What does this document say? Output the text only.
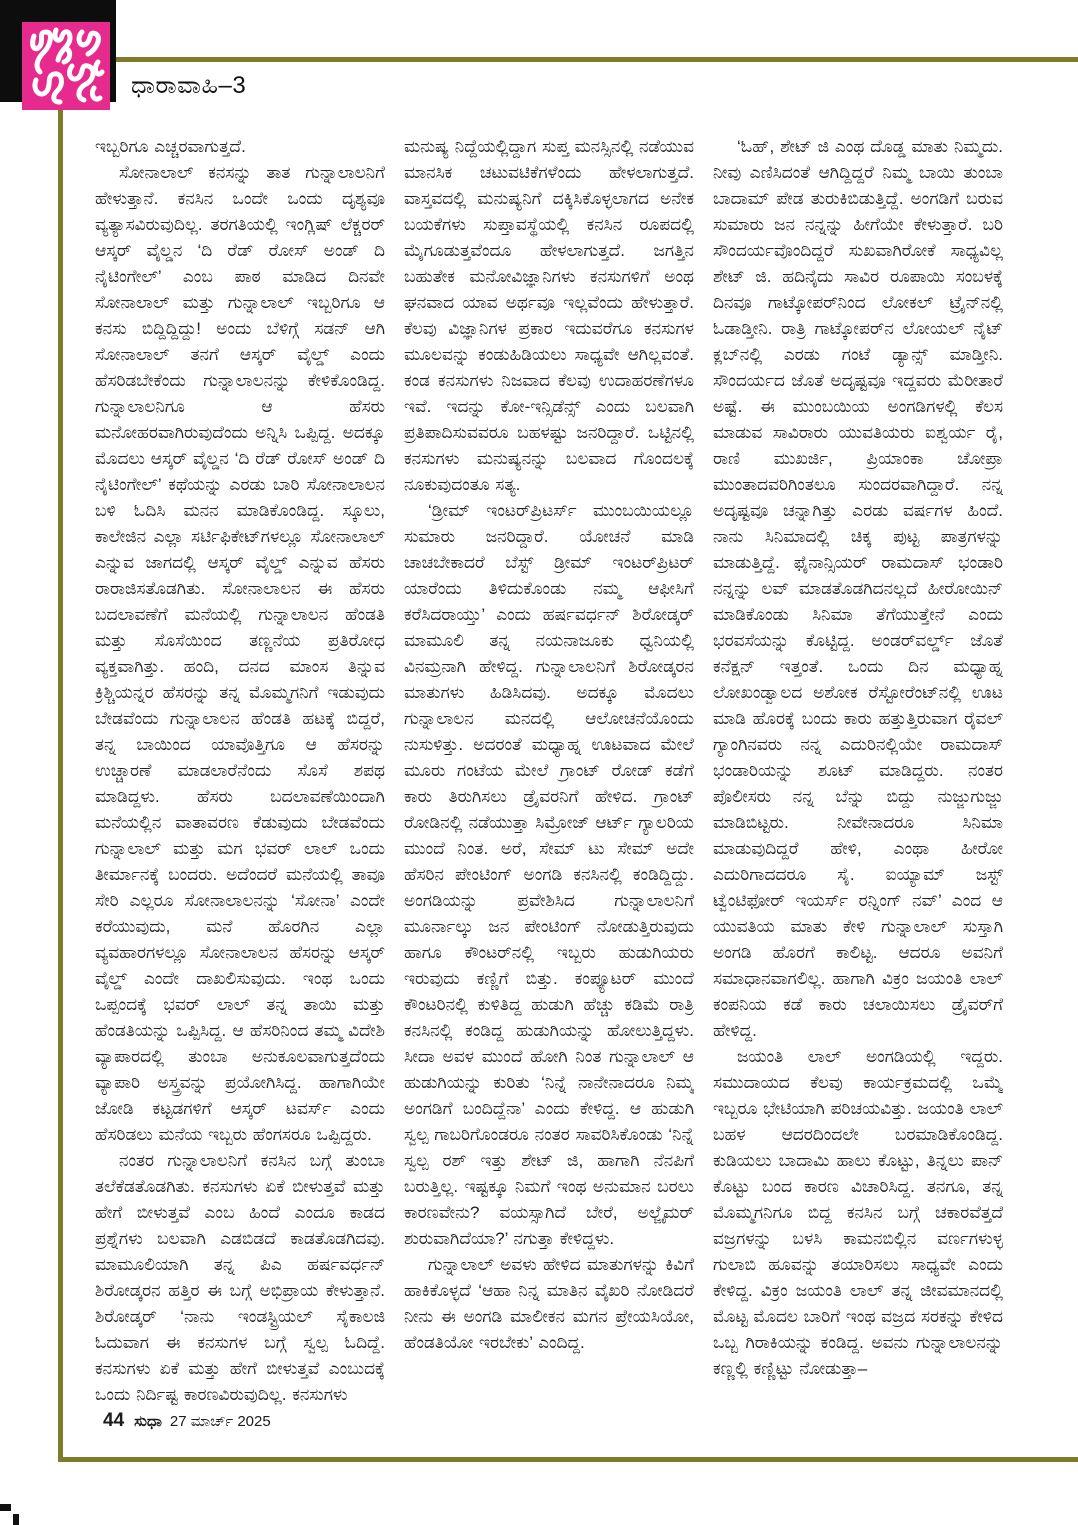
ಧಾರಾವಾಹಿ–3

ಇಬ್ಬರಿಗೂ ಎಚ್ಚರವಾಗುತ್ತದೆ.

ಸೋನಾಲಾಲ್ ಕನಸನ್ನು ತಾತ ಗುನ್ನಾಲಾಲನಿಗೆ ಹೇಳುತ್ತಾನೆ. ಕನಸಿನ ಒಂದೇ ಒಂದು ದೃಶ್ಯವೂ ವ್ಯತ್ಯಾಸವಿರುವುದಿಲ್ಲ. ತರಗತಿಯಲ್ಲಿ ಇಂಗ್ಲಿಷ್ ಲೆಕ್ಚರರ್ ಆಸ್ಕರ್ ವೈಲ್ಡನ ‘ದಿ ರೆಡ್ ರೋಸ್ ಅಂಡ್ ದಿ ನೈಟಿಂಗೇಲ್’ ಎಂಬ ಪಾಠ ಮಾಡಿದ ದಿನವೇ ಸೋನಾಲಾಲ್ ಮತ್ತು ಗುನ್ನಾಲಾಲ್ ಇಬ್ಬರಿಗೂ ಆ ಕನಸು ಬಿದ್ದಿದ್ದಿದ್ದು! ಅಂದು ಬೆಳಿಗ್ಗೆ ಸಡನ್ ಆಗಿ ಸೋನಾಲಾಲ್ ತನಗೆ ಆಸ್ಕರ್ ವೈಲ್ಡ್ ಎಂದು ಹೆಸರಿಡಬೇಕೆಂದು ಗುನ್ನಾಲಾಲನನ್ನು ಕೇಳಿಕೊಂಡಿದ್ದ. ಗುನ್ನಾಲಾಲನಿಗೂ ಆ ಹೆಸರು ಮನೋಹರವಾಗಿರುವುದೆಂದು ಅನ್ನಿಸಿ ಒಪ್ಪಿದ್ದ. ಅದಕ್ಕೂ ಮೊದಲು ಆಸ್ಕರ್ ವೈಲ್ಡನ ‘ದಿ ರೆಡ್ ರೋಸ್ ಅಂಡ್ ದಿ ನೈಟಿಂಗೇಲ್’ ಕಥೆಯನ್ನು ಎರಡು ಬಾರಿ ಸೋನಾಲಾಲನ ಬಳಿ ಓದಿಸಿ ಮನನ ಮಾಡಿಕೊಂಡಿದ್ದ. ಸ್ಕೂಲು, ಕಾಲೇಜಿನ ಎಲ್ಲಾ ಸರ್ಟಿಫಿಕೇಟ್‌ಗಳಲ್ಲೂ ಸೋನಾಲಾಲ್ ಎನ್ನುವ ಜಾಗದಲ್ಲಿ ಆಸ್ಕರ್ ವೈಲ್ಡ್ ಎನ್ನುವ ಹೆಸರು ರಾರಾಜಿಸತೊಡಗಿತು. ಸೋನಾಲಾಲನ ಈ ಹೆಸರು ಬದಲಾವಣೆಗೆ ಮನೆಯಲ್ಲಿ ಗುನ್ನಾಲಾಲನ ಹೆಂಡತಿ ಮತ್ತು ಸೊಸೆಯಿಂದ ತಣ್ಣನೆಯ ಪ್ರತಿರೋಧ ವ್ಯಕ್ತವಾಗಿತ್ತು. ಹಂದಿ, ದನದ ಮಾಂಸ ತಿನ್ನುವ ಕ್ರಿಶ್ಚಿಯನ್ನರ ಹೆಸರನ್ನು ತನ್ನ ಮೊಮ್ಮಗನಿಗೆ ಇಡುವುದು ಬೇಡವೆಂದು ಗುನ್ನಾಲಾಲನ ಹೆಂಡತಿ ಹಟಕ್ಕೆ ಬಿದ್ದರೆ, ತನ್ನ ಬಾಯಿಂದ ಯಾವೊತ್ತಿಗೂ ಆ ಹೆಸರನ್ನು ಉಚ್ಚಾರಣೆ ಮಾಡಲಾರೆನೆಂದು ಸೊಸೆ ಶಪಥ ಮಾಡಿದ್ದಳು. ಹೆಸರು ಬದಲಾವಣೆಯಿಂದಾಗಿ ಮನೆಯಲ್ಲಿನ ವಾತಾವರಣ ಕೆಡುವುದು ಬೇಡವೆಂದು ಗುನ್ನಾಲಾಲ್ ಮತ್ತು ಮಗ ಭವರ್ ಲಾಲ್ ಒಂದು ತೀರ್ಮಾನಕ್ಕೆ ಬಂದರು. ಅದೆಂದರೆ ಮನೆಯಲ್ಲಿ ತಾವೂ ಸೇರಿ ಎಲ್ಲರೂ ಸೋನಾಲಾಲನನ್ನು ‘ಸೋನಾ’ ಎಂದೇ ಕರೆಯುವುದು, ಮನೆ ಹೊರಗಿನ ಎಲ್ಲಾ ವ್ಯವಹಾರಗಳಲ್ಲೂ ಸೋನಾಲಾಲನ ಹೆಸರನ್ನು ಆಸ್ಕರ್ ವೈಲ್ಡ್ ಎಂದೇ ದಾಖಲಿಸುವುದು. ಇಂಥ ಒಂದು ಒಪ್ಪಂದಕ್ಕೆ ಭವರ್ ಲಾಲ್ ತನ್ನ ತಾಯಿ ಮತ್ತು ಹೆಂಡತಿಯನ್ನು ಒಪ್ಪಿಸಿದ್ದ. ಆ ಹೆಸರಿನಿಂದ ತಮ್ಮ ವಿದೇಶಿ ವ್ಯಾಪಾರದಲ್ಲಿ ತುಂಬಾ ಅನುಕೂಲವಾಗುತ್ತದೆಂದು ವ್ಯಾಪಾರಿ ಅಸ್ತ್ರವನ್ನು ಪ್ರಯೋಗಿಸಿದ್ದ. ಹಾಗಾಗಿಯೇ ಜೋಡಿ ಕಟ್ಟಡಗಳಿಗೆ ಆಸ್ಕರ್ ಟವರ್ಸ್ ಎಂದು ಹೆಸರಿಡಲು ಮನೆಯ ಇಬ್ಬರು ಹೆಂಗಸರೂ ಒಪ್ಪಿದ್ದರು.

ನಂತರ ಗುನ್ನಾಲಾಲನಿಗೆ ಕನಸಿನ ಬಗ್ಗೆ ತುಂಬಾ ತಲೆಕೆಡತೊಡಗಿತು. ಕನಸುಗಳು ಏಕೆ ಬೀಳುತ್ತವೆ ಮತ್ತು ಹೇಗೆ ಬೀಳುತ್ತವೆ ಎಂಬ ಹಿಂದೆ ಎಂದೂ ಕಾಡದ ಪ್ರಶ್ನೆಗಳು ಬಲವಾಗಿ ಎಡಬಿಡದೆ ಕಾಡತೊಡಗಿದವು. ಮಾಮೂಲಿಯಾಗಿ ತನ್ನ ಪಿಎ ಹರ್ಷವರ್ಧನ್ ಶಿರೋಡ್ಕರನ ಹತ್ತಿರ ಈ ಬಗ್ಗೆ ಅಭಿಪ್ರಾಯ ಕೇಳುತ್ತಾನೆ. ಶಿರೋಡ್ಕರ್ ‘ನಾನು ಇಂಡಸ್ಟ್ರಿಯಲ್ ಸೈಕಾಲಜಿ ಓದುವಾಗ ಈ ಕನಸುಗಳ ಬಗ್ಗೆ ಸ್ವಲ್ಪ ಓದಿದ್ದೆ. ಕನಸುಗಳು ಏಕೆ ಮತ್ತು ಹೇಗೆ ಬೀಳುತ್ತವೆ ಎಂಬುದಕ್ಕೆ ಒಂದು ನಿರ್ದಿಷ್ಟ ಕಾರಣವಿರುವುದಿಲ್ಲ. ಕನಸುಗಳು

ಮನುಷ್ಯ ನಿದ್ದೆಯಲ್ಲಿದ್ದಾಗ ಸುಪ್ತ ಮನಸ್ಸಿನಲ್ಲಿ ನಡೆಯುವ ಮಾನಸಿಕ ಚಟುವಟಿಕೆಗಳೆಂದು ಹೇಳಲಾಗುತ್ತದೆ. ವಾಸ್ತವದಲ್ಲಿ ಮನುಷ್ಯನಿಗೆ ದಕ್ಕಿಸಿಕೊಳ್ಳಲಾಗದ ಅನೇಕ ಬಯಕೆಗಳು ಸುಪ್ತಾವಸ್ಥೆಯಲ್ಲಿ ಕನಸಿನ ರೂಪದಲ್ಲಿ ಮೈಗೂಡುತ್ತವೆಂದೂ ಹೇಳಲಾಗುತ್ತದೆ. ಜಗತ್ತಿನ ಬಹುತೇಕ ಮನೋವಿಜ್ಞಾನಿಗಳು ಕನಸುಗಳಿಗೆ ಅಂಥ ಘನವಾದ ಯಾವ ಅರ್ಥವೂ ಇಲ್ಲವೆಂದು ಹೇಳುತ್ತಾರೆ. ಕೆಲವು ವಿಜ್ಞಾನಿಗಳ ಪ್ರಕಾರ ಇದುವರೆಗೂ ಕನಸುಗಳ ಮೂಲವನ್ನು ಕಂಡುಹಿಡಿಯಲು ಸಾಧ್ಯವೇ ಆಗಿಲ್ಲವಂತೆ. ಕಂಡ ಕನಸುಗಳು ನಿಜವಾದ ಕೆಲವು ಉದಾಹರಣೆಗಳೂ ಇವೆ. ಇದನ್ನು ಕೋ-ಇನ್ಸಿಡೆನ್ಸ್ ಎಂದು ಬಲವಾಗಿ ಪ್ರತಿಪಾದಿಸುವವರೂ ಬಹಳಷ್ಟು ಜನರಿದ್ದಾರೆ. ಒಟ್ಟಿನಲ್ಲಿ ಕನಸುಗಳು ಮನುಷ್ಯನನ್ನು ಬಲವಾದ ಗೊಂದಲಕ್ಕೆ ನೂಕುವುದಂತೂ ಸತ್ಯ.

‘ಡ್ರೀಮ್ ಇಂಟರ್‌ಪ್ರಿಟರ್ಸ್ ಮುಂಬಯಿಯಲ್ಲೂ ಸುಮಾರು ಜನರಿದ್ದಾರೆ. ಯೋಚನೆ ಮಾಡಿ ಚಾಚಬೇಕಾದರೆ ಬೆಸ್ಟ್ ಡ್ರೀಮ್ ಇಂಟರ್‌ಪ್ರಿಟರ್ ಯಾರೆಂದು ತಿಳಿದುಕೊಂಡು ನಮ್ಮ ಆಫೀಸಿಗೆ ಕರೆಸಿದರಾಯ್ತು’ ಎಂದು ಹರ್ಷವರ್ಧನ್ ಶಿರೋಡ್ಕರ್ ಮಾಮೂಲಿ ತನ್ನ ನಯನಾಜೂಕು ಧ್ವನಿಯಲ್ಲಿ ವಿನಮ್ರನಾಗಿ ಹೇಳಿದ್ದ. ಗುನ್ನಾಲಾಲನಿಗೆ ಶಿರೋಡ್ಕರನ ಮಾತುಗಳು ಹಿಡಿಸಿದವು. ಅದಕ್ಕೂ ಮೊದಲು ಗುನ್ನಾಲಾಲನ ಮನದಲ್ಲಿ ಆಲೋಚನೆಯೊಂದು ನುಸುಳಿತ್ತು. ಅದರಂತೆ ಮಧ್ಯಾಹ್ನ ಊಟವಾದ ಮೇಲೆ ಮೂರು ಗಂಟೆಯ ಮೇಲೆ ಗ್ರಾಂಟ್ ರೋಡ್ ಕಡೆಗೆ ಕಾರು ತಿರುಗಿಸಲು ಡ್ರೈವರನಿಗೆ ಹೇಳಿದ. ಗ್ರಾಂಟ್ ರೋಡಿನಲ್ಲಿ ನಡೆಯುತ್ತಾ ಸಿಮ್ರೋಜ್ ಆರ್ಟ್ ಗ್ಯಾಲರಿಯ ಮುಂದೆ ನಿಂತ. ಅರೆ, ಸೇಮ್ ಟು ಸೇಮ್ ಅದೇ ಹೆಸರಿನ ಪೇಂಟಿಂಗ್ ಅಂಗಡಿ ಕನಸಿನಲ್ಲಿ ಕಂಡಿದ್ದಿದ್ದು. ಅಂಗಡಿಯನ್ನು ಪ್ರವೇಶಿಸಿದ ಗುನ್ನಾಲಾಲನಿಗೆ ಮೂರ್ನಾಲ್ಕು ಜನ ಪೇಂಟಿಂಗ್ ನೋಡುತ್ತಿರುವುದು ಹಾಗೂ ಕೌಂಟರ್‌ನಲ್ಲಿ ಇಬ್ಬರು ಹುಡುಗಿಯರು ಇರುವುದು ಕಣ್ಣಿಗೆ ಬಿತ್ತು. ಕಂಪ್ಯೂಟರ್ ಮುಂದೆ ಕೌಂಟರಿನಲ್ಲಿ ಕುಳಿತಿದ್ದ ಹುಡುಗಿ ಹೆಚ್ಚು ಕಡಿಮೆ ರಾತ್ರಿ ಕನಸಿನಲ್ಲಿ ಕಂಡಿದ್ದ ಹುಡುಗಿಯನ್ನು ಹೋಲುತ್ತಿದ್ದಳು. ಸೀದಾ ಅವಳ ಮುಂದೆ ಹೋಗಿ ನಿಂತ ಗುನ್ನಾಲಾಲ್ ಆ ಹುಡುಗಿಯನ್ನು ಕುರಿತು ‘ನಿನ್ನೆ ನಾನೇನಾದರೂ ನಿಮ್ಮ ಅಂಗಡಿಗೆ ಬಂದಿದ್ದೆನಾ’ ಎಂದು ಕೇಳಿದ್ದ. ಆ ಹುಡುಗಿ ಸ್ವಲ್ಪ ಗಾಬರಿಗೊಂಡರೂ ನಂತರ ಸಾವರಿಸಿಕೊಂಡು ‘ನಿನ್ನೆ ಸ್ವಲ್ಪ ರಶ್ ಇತ್ತು ಶೇಟ್ ಜಿ, ಹಾಗಾಗಿ ನೆನಪಿಗೆ ಬರುತ್ತಿಲ್ಲ. ಇಷ್ಟಕ್ಕೂ ನಿಮಗೆ ಇಂಥ ಅನುಮಾನ ಬರಲು ಕಾರಣವೇನು? ವಯಸ್ಸಾಗಿದೆ ಬೇರೆ, ಅಲ್ಜೈಮರ್ ಶುರುವಾಗಿದೆಯಾ?’ ನಗುತ್ತಾ ಕೇಳಿದ್ದಳು.

ಗುನ್ನಾಲಾಲ್ ಅವಳು ಹೇಳಿದ ಮಾತುಗಳನ್ನು ಕಿವಿಗೆ ಹಾಕಿಕೊಳ್ಳದೆ ‘ಆಹಾ ನಿನ್ನ ಮಾತಿನ ವೈಖರಿ ನೋಡಿದರೆ ನೀನು ಈ ಅಂಗಡಿ ಮಾಲೀಕನ ಮಗನ ಪ್ರೇಯಸಿಯೋ, ಹೆಂಡತಿಯೋ ಇರಬೇಕು’ ಎಂದಿದ್ದ.

‘ಓಹ್, ಶೇಟ್ ಜಿ ಎಂಥ ದೊಡ್ಡ ಮಾತು ನಿಮ್ಮದು. ನೀವು ಎಣಿಸಿದಂತೆ ಆಗಿದ್ದಿದ್ದರೆ ನಿಮ್ಮ ಬಾಯಿ ತುಂಬಾ ಬಾದಾಮ್ ಪೇಡ ತುರುಕಿಬಿಡುತ್ತಿದ್ದೆ. ಅಂಗಡಿಗೆ ಬರುವ ಸುಮಾರು ಜನ ನನ್ನನ್ನು ಹೀಗೆಯೇ ಕೇಳುತ್ತಾರೆ. ಬರಿ ಸೌಂದರ್ಯವೊಂದಿದ್ದರೆ ಸುಖವಾಗಿರೋಕೆ ಸಾಧ್ಯವಿಲ್ಲ ಶೇಟ್ ಜಿ. ಹದಿನೈದು ಸಾವಿರ ರೂಪಾಯಿ ಸಂಬಳಕ್ಕೆ ದಿನವೂ ಗಾಟ್ಕೋಪರ್‌ನಿಂದ ಲೋಕಲ್ ಟ್ರೈನ್‌ನಲ್ಲಿ ಓಡಾಡ್ತೀನಿ. ರಾತ್ರಿ ಗಾಟ್ಕೋಪರ್‌ನ ಲೋಯಲ್ ನೈಟ್ ಕ್ಲಬ್‌ನಲ್ಲಿ ಎರಡು ಗಂಟೆ ಡ್ಯಾನ್ಸ್ ಮಾಡ್ತೀನಿ. ಸೌಂದರ್ಯದ ಜೊತೆ ಅದೃಷ್ಟವೂ ಇದ್ದವರು ಮೆರೀತಾರೆ ಅಷ್ಟೆ. ಈ ಮುಂಬಯಿಯ ಅಂಗಡಿಗಳಲ್ಲಿ ಕೆಲಸ ಮಾಡುವ ಸಾವಿರಾರು ಯುವತಿಯರು ಐಶ್ವರ್ಯ ರೈ, ರಾಣಿ ಮುಖರ್ಜಿ, ಪ್ರಿಯಾಂಕಾ ಚೋಪ್ರಾ ಮುಂತಾದವರಿಗಿಂತಲೂ ಸುಂದರವಾಗಿದ್ದಾರೆ. ನನ್ನ ಅದೃಷ್ಟವೂ ಚನ್ನಾಗಿತ್ತು ಎರಡು ವರ್ಷಗಳ ಹಿಂದೆ. ನಾನು ಸಿನಿಮಾದಲ್ಲಿ ಚಿಕ್ಕ ಪುಟ್ಟ ಪಾತ್ರಗಳನ್ನು ಮಾಡುತ್ತಿದ್ದೆ. ಫೈನಾನ್ಸಿಯರ್ ರಾಮದಾಸ್ ಭಂಡಾರಿ ನನ್ನನ್ನು ಲವ್ ಮಾಡತೊಡಗಿದನಲ್ಲದೆ ಹೀರೋಯಿನ್ ಮಾಡಿಕೊಂಡು ಸಿನಿಮಾ ತೆಗೆಯುತ್ತೇನೆ ಎಂದು ಭರವಸೆಯನ್ನು ಕೊಟ್ಟಿದ್ದ. ಅಂಡರ್‌ವರ್ಲ್ಡ್ ಜೊತೆ ಕನೆಕ್ಷನ್ ಇತ್ತಂತೆ. ಒಂದು ದಿನ ಮಧ್ಯಾಹ್ನ ಲೋಖಂಡ್ವಾಲದ ಅಶೋಕ ರೆಸ್ಟೋರೆಂಟ್‌ನಲ್ಲಿ ಊಟ ಮಾಡಿ ಹೊರಕ್ಕೆ ಬಂದು ಕಾರು ಹತ್ತುತ್ತಿರುವಾಗ ರೈವಲ್ ಗ್ಯಾಂಗಿನವರು ನನ್ನ ಎದುರಿನಲ್ಲಿಯೇ ರಾಮದಾಸ್ ಭಂಡಾರಿಯನ್ನು ಶೂಟ್ ಮಾಡಿದ್ದರು. ನಂತರ ಪೊಲೀಸರು ನನ್ನ ಬೆನ್ನು ಬಿದ್ದು ನುಜ್ಜುಗುಜ್ಜು ಮಾಡಿಬಿಟ್ಟರು. ನೀವೇನಾದರೂ ಸಿನಿಮಾ ಮಾಡುವುದಿದ್ದರೆ ಹೇಳಿ, ಎಂಥಾ ಹೀರೋ ಎದುರಿಗಾದದರೂ ಸೈ. ಐಯ್ಯಾಮ್ ಜಸ್ಟ್ ಟ್ವೆಂಟಿಫೋರ್ ಇಯರ್ಸ್ ರನ್ನಿಂಗ್ ನವ್’ ಎಂದ ಆ ಯುವತಿಯ ಮಾತು ಕೇಳಿ ಗುನ್ನಾಲಾಲ್ ಸುಸ್ತಾಗಿ ಅಂಗಡಿ ಹೊರಗೆ ಕಾಲಿಟ್ಟ. ಆದರೂ ಅವನಿಗೆ ಸಮಾಧಾನವಾಗಲಿಲ್ಲ. ಹಾಗಾಗಿ ವಿಕ್ರಂ ಜಯಂತಿ ಲಾಲ್ ಕಂಪನಿಯ ಕಡೆ ಕಾರು ಚಲಾಯಿಸಲು ಡ್ರೈವರ್‌ಗೆ ಹೇಳಿದ್ದ.

ಜಯಂತಿ ಲಾಲ್ ಅಂಗಡಿಯಲ್ಲಿ ಇದ್ದರು. ಸಮುದಾಯದ ಕೆಲವು ಕಾರ್ಯಕ್ರಮದಲ್ಲಿ ಒಮ್ಮೆ ಇಬ್ಬರೂ ಭೇಟಿಯಾಗಿ ಪರಿಚಯವಿತ್ತು. ಜಯಂತಿ ಲಾಲ್ ಬಹಳ ಆದರದಿಂದಲೇ ಬರಮಾಡಿಕೊಂಡಿದ್ದ. ಕುಡಿಯಲು ಬಾದಾಮಿ ಹಾಲು ಕೊಟ್ಟು, ತಿನ್ನಲು ಪಾನ್ ಕೊಟ್ಟು ಬಂದ ಕಾರಣ ವಿಚಾರಿಸಿದ್ದ. ತನಗೂ, ತನ್ನ ಮೊಮ್ಮಗನಿಗೂ ಬಿದ್ದ ಕನಸಿನ ಬಗ್ಗೆ ಚಕಾರವೆತ್ತದೆ ವಜ್ರಗಳನ್ನು ಬಳಸಿ ಕಾಮನಬಿಲ್ಲಿನ ವರ್ಣಗಳುಳ್ಳ ಗುಲಾಬಿ ಹೂವನ್ನು ತಯಾರಿಸಲು ಸಾಧ್ಯವೇ ಎಂದು ಕೇಳಿದ್ದ. ವಿಕ್ರಂ ಜಯಂತಿ ಲಾಲ್ ತನ್ನ ಜೀವಮಾನದಲ್ಲಿ ಮೊಟ್ಟ ಮೊದಲ ಬಾರಿಗೆ ಇಂಥ ವಜ್ರದ ಸರಕನ್ನು ಕೇಳಿದ ಒಬ್ಬ ಗಿರಾಕಿಯನ್ನು ಕಂಡಿದ್ದ. ಅವನು ಗುನ್ನಾಲಾಲನನ್ನು ಕಣ್ಣಲ್ಲಿ ಕಣ್ಣಿಟ್ಟು ನೋಡುತ್ತಾ–

44 ಸುಧಾ 27 ಮಾರ್ಚ್ 2025
